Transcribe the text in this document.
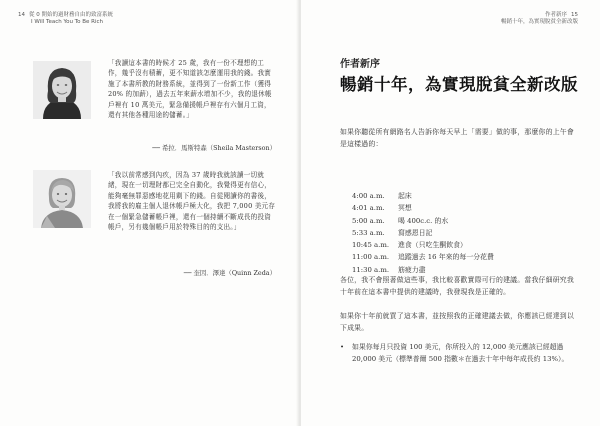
14 從 0 開始的過財務自由的致富系統
I Will Teach You To Be Rich
「我讀這本書的時候才 25 歲，我有一份不理想的工作，幾乎沒有積蓄，更不知道該怎麼運用我的錢。我實施了本書所教的財務系統，並得到了一份新工作（獲得 20% 的加薪），過去五年來薪水增加不少，我的退休帳戶裡有 10 萬美元，緊急備援帳戶裡存有六個月工資，還有其他各種用途的儲蓄。」
── 希拉．馬斯特森（Sheila Masterson）
「我以前常感到內疚，因為 37 歲時我就該讀一切就緒，現在一切理財都已完全自動化，我覺得更有信心，能夠毫無罪惡感地花用剩下的錢。自從閱讀你的書後，我將我的雇主個人退休帳戶極大化，我把 7,000 美元存在一個緊急儲蓄帳戶裡，還有一個持續不斷成長的投資帳戶，另有幾個帳戶用於特殊目的的支出。」
── 奎因．澤達（Quinn Zeda）
作者新序 15
暢銷十年，為實現脫貧全新改版
作者新序
暢銷十年，為實現脫貧全新改版
如果你聽從所有網路名人告訴你每天早上「需要」做的事，那麼你的上午會是這樣過的：
4:00 a.m.	起床
4:01 a.m.	冥想
5:00 a.m.	喝 400c.c. 的水
5:33 a.m.	寫感恩日記
10:45 a.m.	進食（只吃生酮飲食）
11:00 a.m.	追蹤過去 16 年來的每一分花費
11:30 a.m.	筋疲力盡
各位，我不會照著做這些事，我比較喜歡實際可行的建議。當我仔細研究我十年前在這本書中提供的建議時，我發現我是正確的。
如果你十年前就買了這本書，並按照我的正確建議去做，你應該已經達到以下成果。
• 如果你每月只投資 100 美元，你所投入的 12,000 美元應該已經超過 20,000 美元（標準普爾 500 指數＊在過去十年中每年成長約 13%）。
